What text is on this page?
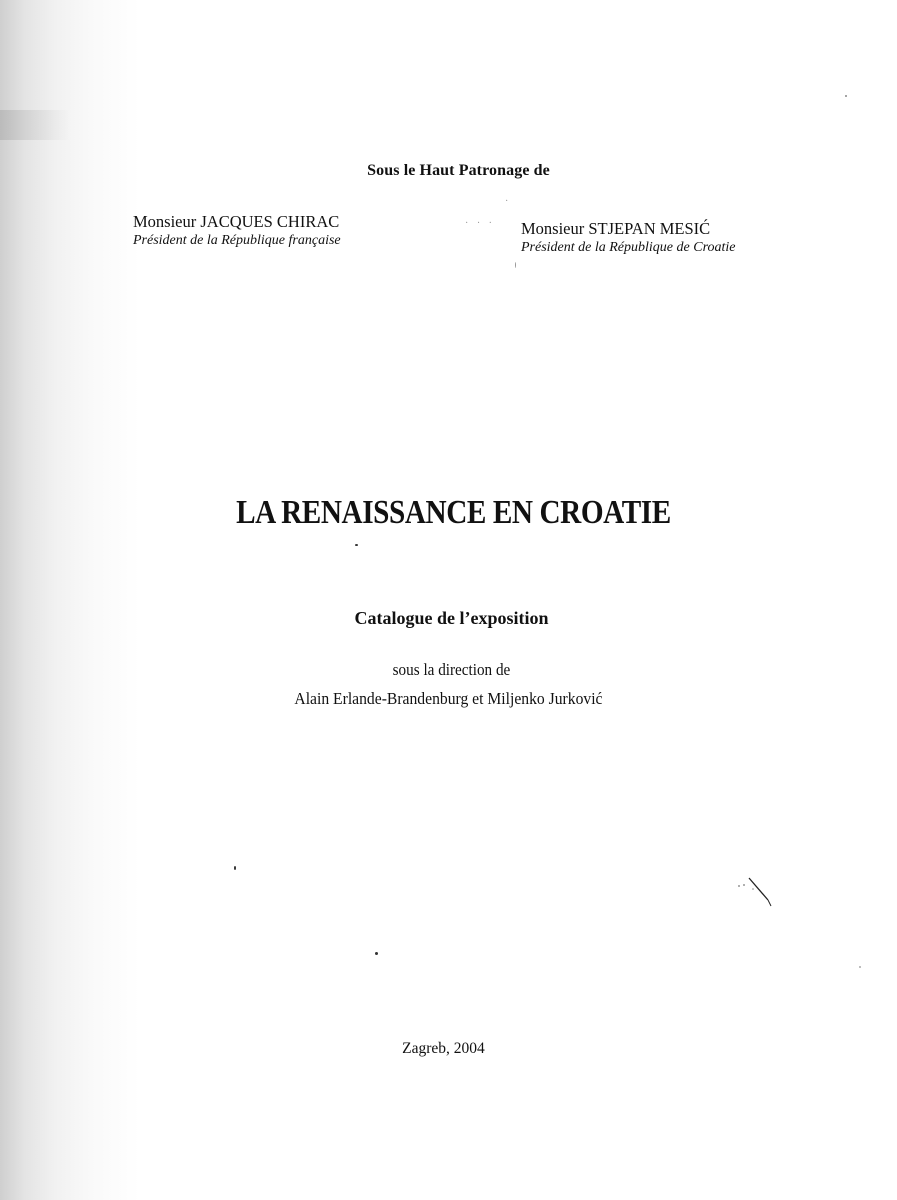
Sous le Haut Patronage de
Monsieur JACQUES CHIRAC
Président de la République française
Monsieur STJEPAN MESIĆ
Président de la République de Croatie
LA RENAISSANCE EN CROATIE
Catalogue de l’exposition
sous la direction de
Alain Erlande-Brandenburg et Miljenko Jurković
Zagreb, 2004
· · ·
·
